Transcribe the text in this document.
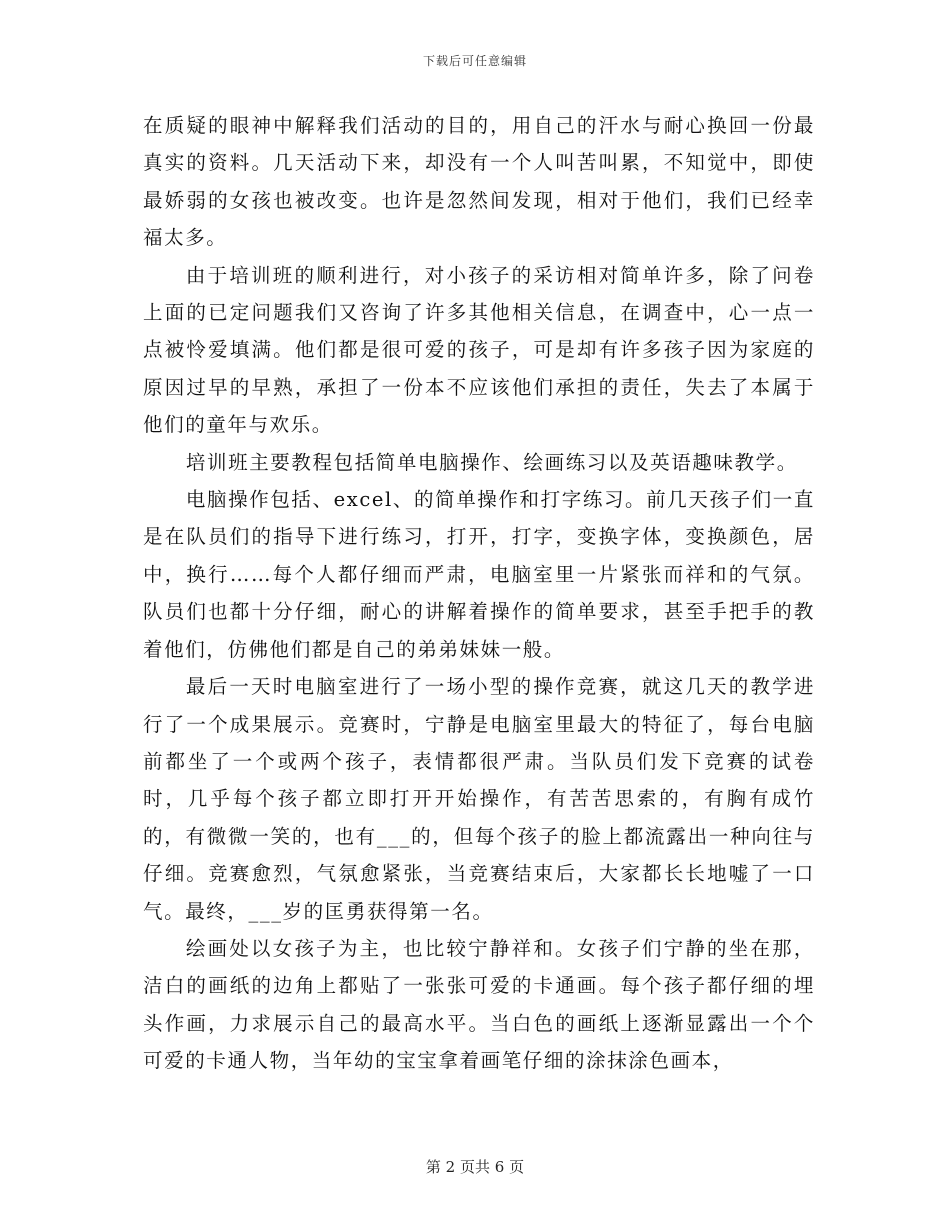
下载后可任意编辑

在质疑的眼神中解释我们活动的目的，用自己的汗水与耐心换回一份最真实的资料。几天活动下来，却没有一个人叫苦叫累，不知觉中，即使最娇弱的女孩也被改变。也许是忽然间发现，相对于他们，我们已经幸福太多。

由于培训班的顺利进行，对小孩子的采访相对简单许多，除了问卷上面的已定问题我们又咨询了许多其他相关信息，在调查中，心一点一点被怜爱填满。他们都是很可爱的孩子，可是却有许多孩子因为家庭的原因过早的早熟，承担了一份本不应该他们承担的责任，失去了本属于他们的童年与欢乐。

培训班主要教程包括简单电脑操作、绘画练习以及英语趣味教学。

电脑操作包括、excel、的简单操作和打字练习。前几天孩子们一直是在队员们的指导下进行练习，打开，打字，变换字体，变换颜色，居中，换行……每个人都仔细而严肃，电脑室里一片紧张而祥和的气氛。队员们也都十分仔细，耐心的讲解着操作的简单要求，甚至手把手的教着他们，仿佛他们都是自己的弟弟妹妹一般。

最后一天时电脑室进行了一场小型的操作竞赛，就这几天的教学进行了一个成果展示。竞赛时，宁静是电脑室里最大的特征了，每台电脑前都坐了一个或两个孩子，表情都很严肃。当队员们发下竞赛的试卷时，几乎每个孩子都立即打开开始操作，有苦苦思索的，有胸有成竹的，有微微一笑的，也有___的，但每个孩子的脸上都流露出一种向往与仔细。竞赛愈烈，气氛愈紧张，当竞赛结束后，大家都长长地嘘了一口气。最终，___岁的匡勇获得第一名。

绘画处以女孩子为主，也比较宁静祥和。女孩子们宁静的坐在那，洁白的画纸的边角上都贴了一张张可爱的卡通画。每个孩子都仔细的埋头作画，力求展示自己的最高水平。当白色的画纸上逐渐显露出一个个可爱的卡通人物，当年幼的宝宝拿着画笔仔细的涂抹涂色画本，

第 2 页共 6 页
